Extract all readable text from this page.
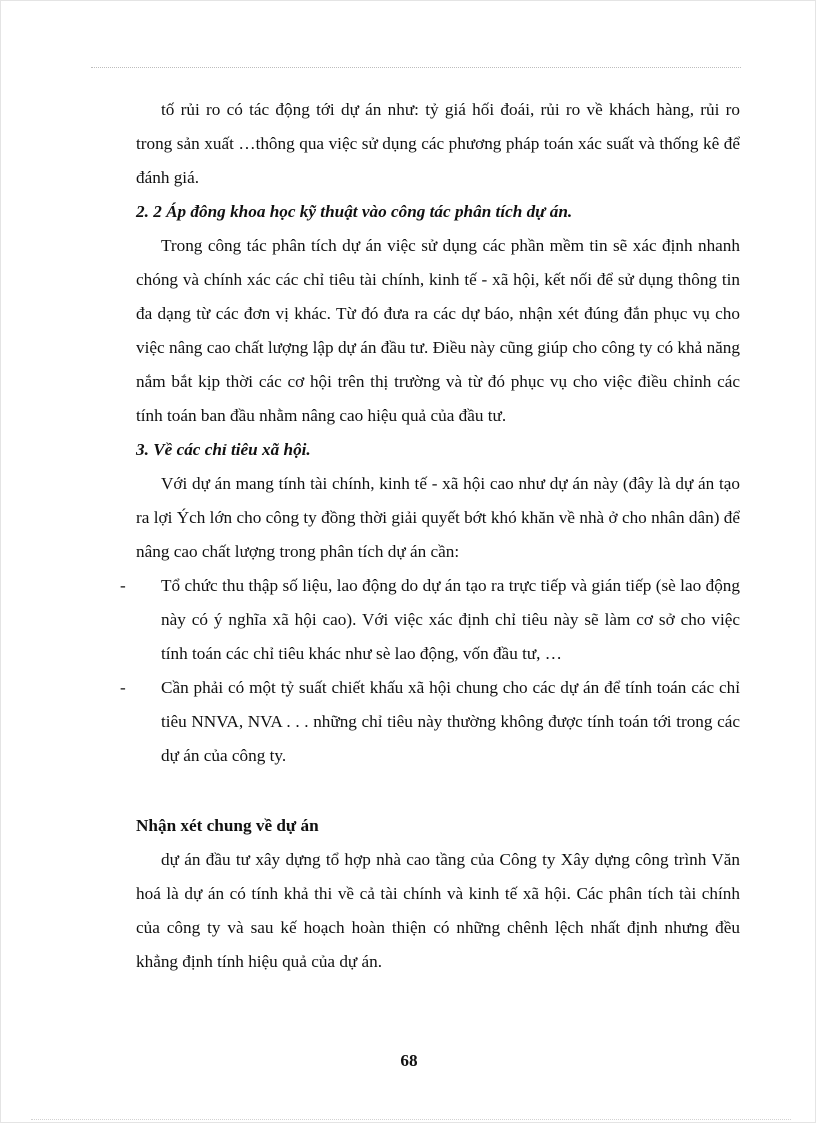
tố rủi ro có tác động tới dự án như: tỷ giá hối đoái, rủi ro về khách hàng, rủi ro trong sản xuất …thông qua việc sử dụng các phương pháp toán xác suất và thống kê để đánh giá.

2. 2 Áp đông khoa học kỹ thuật vào công tác phân tích dự án.

Trong công tác phân tích dự án việc sử dụng các phần mềm tin sẽ xác định nhanh chóng và chính xác các chỉ tiêu tài chính, kinh tế - xã hội, kết nối để sử dụng thông tin đa dạng từ các đơn vị khác. Từ đó đưa ra các dự báo, nhận xét đúng đắn phục vụ cho việc nâng cao chất lượng lập dự án đầu tư. Điều này cũng giúp cho công ty có khả năng nắm bắt kịp thời các cơ hội trên thị trường và từ đó phục vụ cho việc điều chỉnh các tính toán ban đầu nhằm nâng cao hiệu quả của đầu tư.

3. Về các chỉ tiêu xã hội.

Với dự án mang tính tài chính, kinh tế - xã hội cao như dự án này (đây là dự án tạo ra lợi Ých lớn cho công ty đồng thời giải quyết bớt khó khăn về nhà ở cho nhân dân) để nâng cao chất lượng trong phân tích dự án cần:

- Tổ chức thu thập số liệu, lao động do dự án tạo ra trực tiếp và gián tiếp (sè lao động này có ý nghĩa xã hội cao). Với việc xác định chỉ tiêu này sẽ làm cơ sở cho việc tính toán các chỉ tiêu khác như sè lao động, vốn đầu tư, …
- Cần phải có một tỷ suất chiết khấu xã hội chung cho các dự án để tính toán các chỉ tiêu NNVA, NVA . . . những chỉ tiêu này thường không được tính toán tới trong các dự án của công ty.
Nhận xét chung về dự án

dự án đầu tư xây dựng tổ hợp nhà cao tầng của Công ty Xây dựng công trình Văn hoá là dự án có tính khả thi về cả tài chính và kinh tế xã hội. Các phân tích tài chính của công ty và sau kế hoạch hoàn thiện có những chênh lệch nhất định nhưng đều khẳng định tính hiệu quả của dự án.

68
